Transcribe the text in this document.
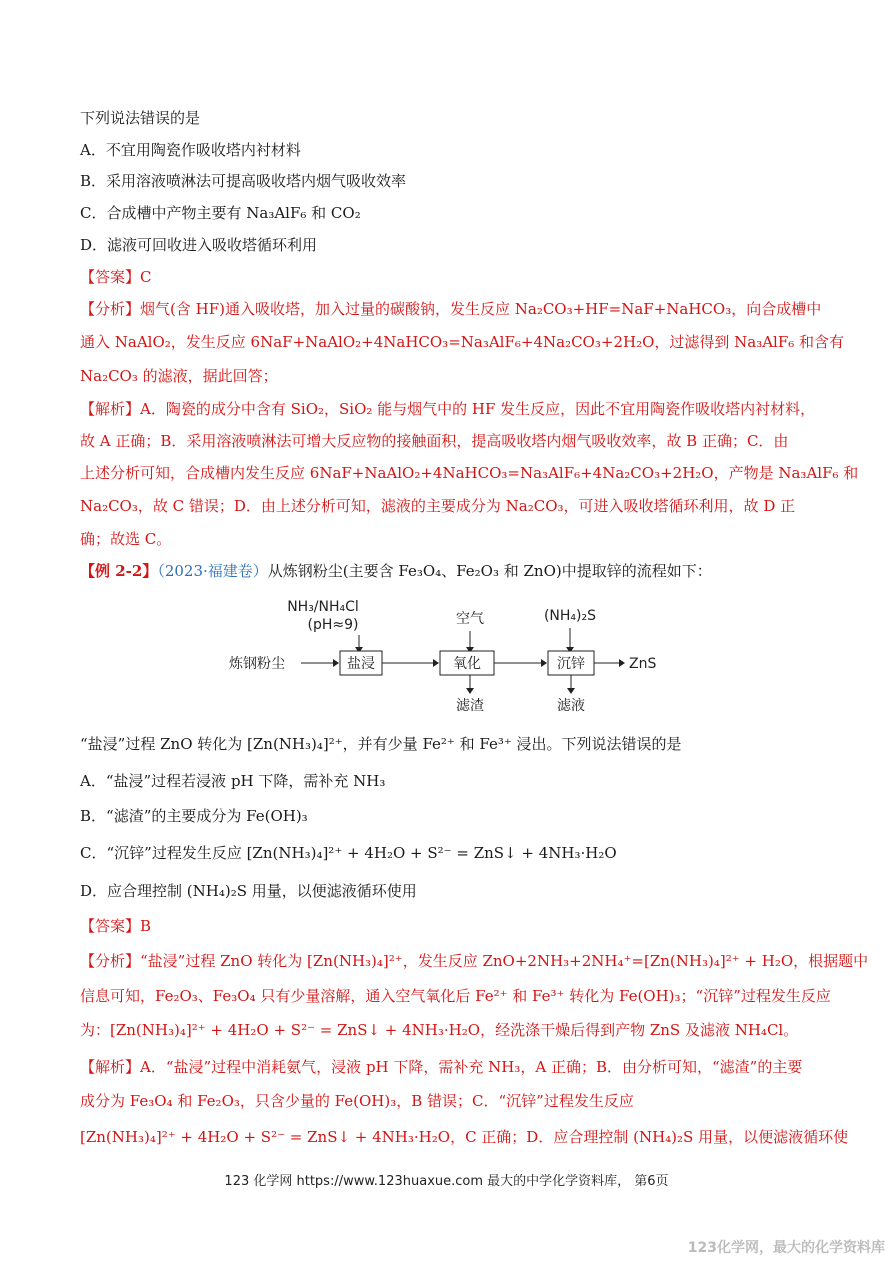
下列说法错误的是
A．不宜用陶瓷作吸收塔内衬材料
B．采用溶液喷淋法可提高吸收塔内烟气吸收效率
C．合成槽中产物主要有 Na₃AlF₆ 和 CO₂
D．滤液可回收进入吸收塔循环利用
【答案】C
【分析】烟气(含 HF)通入吸收塔，加入过量的碳酸钠，发生反应 Na₂CO₃+HF=NaF+NaHCO₃，向合成槽中
通入 NaAlO₂，发生反应 6NaF+NaAlO₂+4NaHCO₃=Na₃AlF₆+4Na₂CO₃+2H₂O，过滤得到 Na₃AlF₆ 和含有
Na₂CO₃ 的滤液，据此回答；
【解析】A．陶瓷的成分中含有 SiO₂，SiO₂ 能与烟气中的 HF 发生反应，因此不宜用陶瓷作吸收塔内衬材料，
故 A 正确；B．采用溶液喷淋法可增大反应物的接触面积，提高吸收塔内烟气吸收效率，故 B 正确；C．由
上述分析可知，合成槽内发生反应 6NaF+NaAlO₂+4NaHCO₃=Na₃AlF₆+4Na₂CO₃+2H₂O，产物是 Na₃AlF₆ 和
Na₂CO₃，故 C 错误；D．由上述分析可知，滤液的主要成分为 Na₂CO₃，可进入吸收塔循环利用，故 D 正
确；故选 C。
【例 2-2】（2023·福建卷）从炼钢粉尘(主要含 Fe₃O₄、Fe₂O₃ 和 ZnO)中提取锌的流程如下：
NH₃/NH₄Cl
(pH≈9)	空气	(NH₄)₂S
炼钢粉尘	盐浸	氧化	沉锌	ZnS
滤渣	滤液
“盐浸”过程 ZnO 转化为 [Zn(NH₃)₄]²⁺，并有少量 Fe²⁺ 和 Fe³⁺ 浸出。下列说法错误的是
A．“盐浸”过程若浸液 pH 下降，需补充 NH₃
B．“滤渣”的主要成分为 Fe(OH)₃
C．“沉锌”过程发生反应 [Zn(NH₃)₄]²⁺ + 4H₂O + S²⁻ = ZnS↓ + 4NH₃·H₂O
D．应合理控制 (NH₄)₂S 用量，以便滤液循环使用
【答案】B
【分析】“盐浸”过程 ZnO 转化为 [Zn(NH₃)₄]²⁺，发生反应 ZnO+2NH₃+2NH₄⁺=[Zn(NH₃)₄]²⁺ + H₂O，根据题中
信息可知，Fe₂O₃、Fe₃O₄ 只有少量溶解，通入空气氧化后 Fe²⁺ 和 Fe³⁺ 转化为 Fe(OH)₃；“沉锌”过程发生反应
为：[Zn(NH₃)₄]²⁺ + 4H₂O + S²⁻ = ZnS↓ + 4NH₃·H₂O，经洗涤干燥后得到产物 ZnS 及滤液 NH₄Cl。
【解析】A．“盐浸”过程中消耗氨气，浸液 pH 下降，需补充 NH₃，A 正确；B．由分析可知，“滤渣”的主要
成分为 Fe₃O₄ 和 Fe₂O₃，只含少量的 Fe(OH)₃，B 错误；C．“沉锌”过程发生反应
[Zn(NH₃)₄]²⁺ + 4H₂O + S²⁻ = ZnS↓ + 4NH₃·H₂O，C 正确；D．应合理控制 (NH₄)₂S 用量，以便滤液循环使
123 化学网 https://www.123huaxue.com 最大的中学化学资料库， 第6页
123化学网，最大的化学资料库
